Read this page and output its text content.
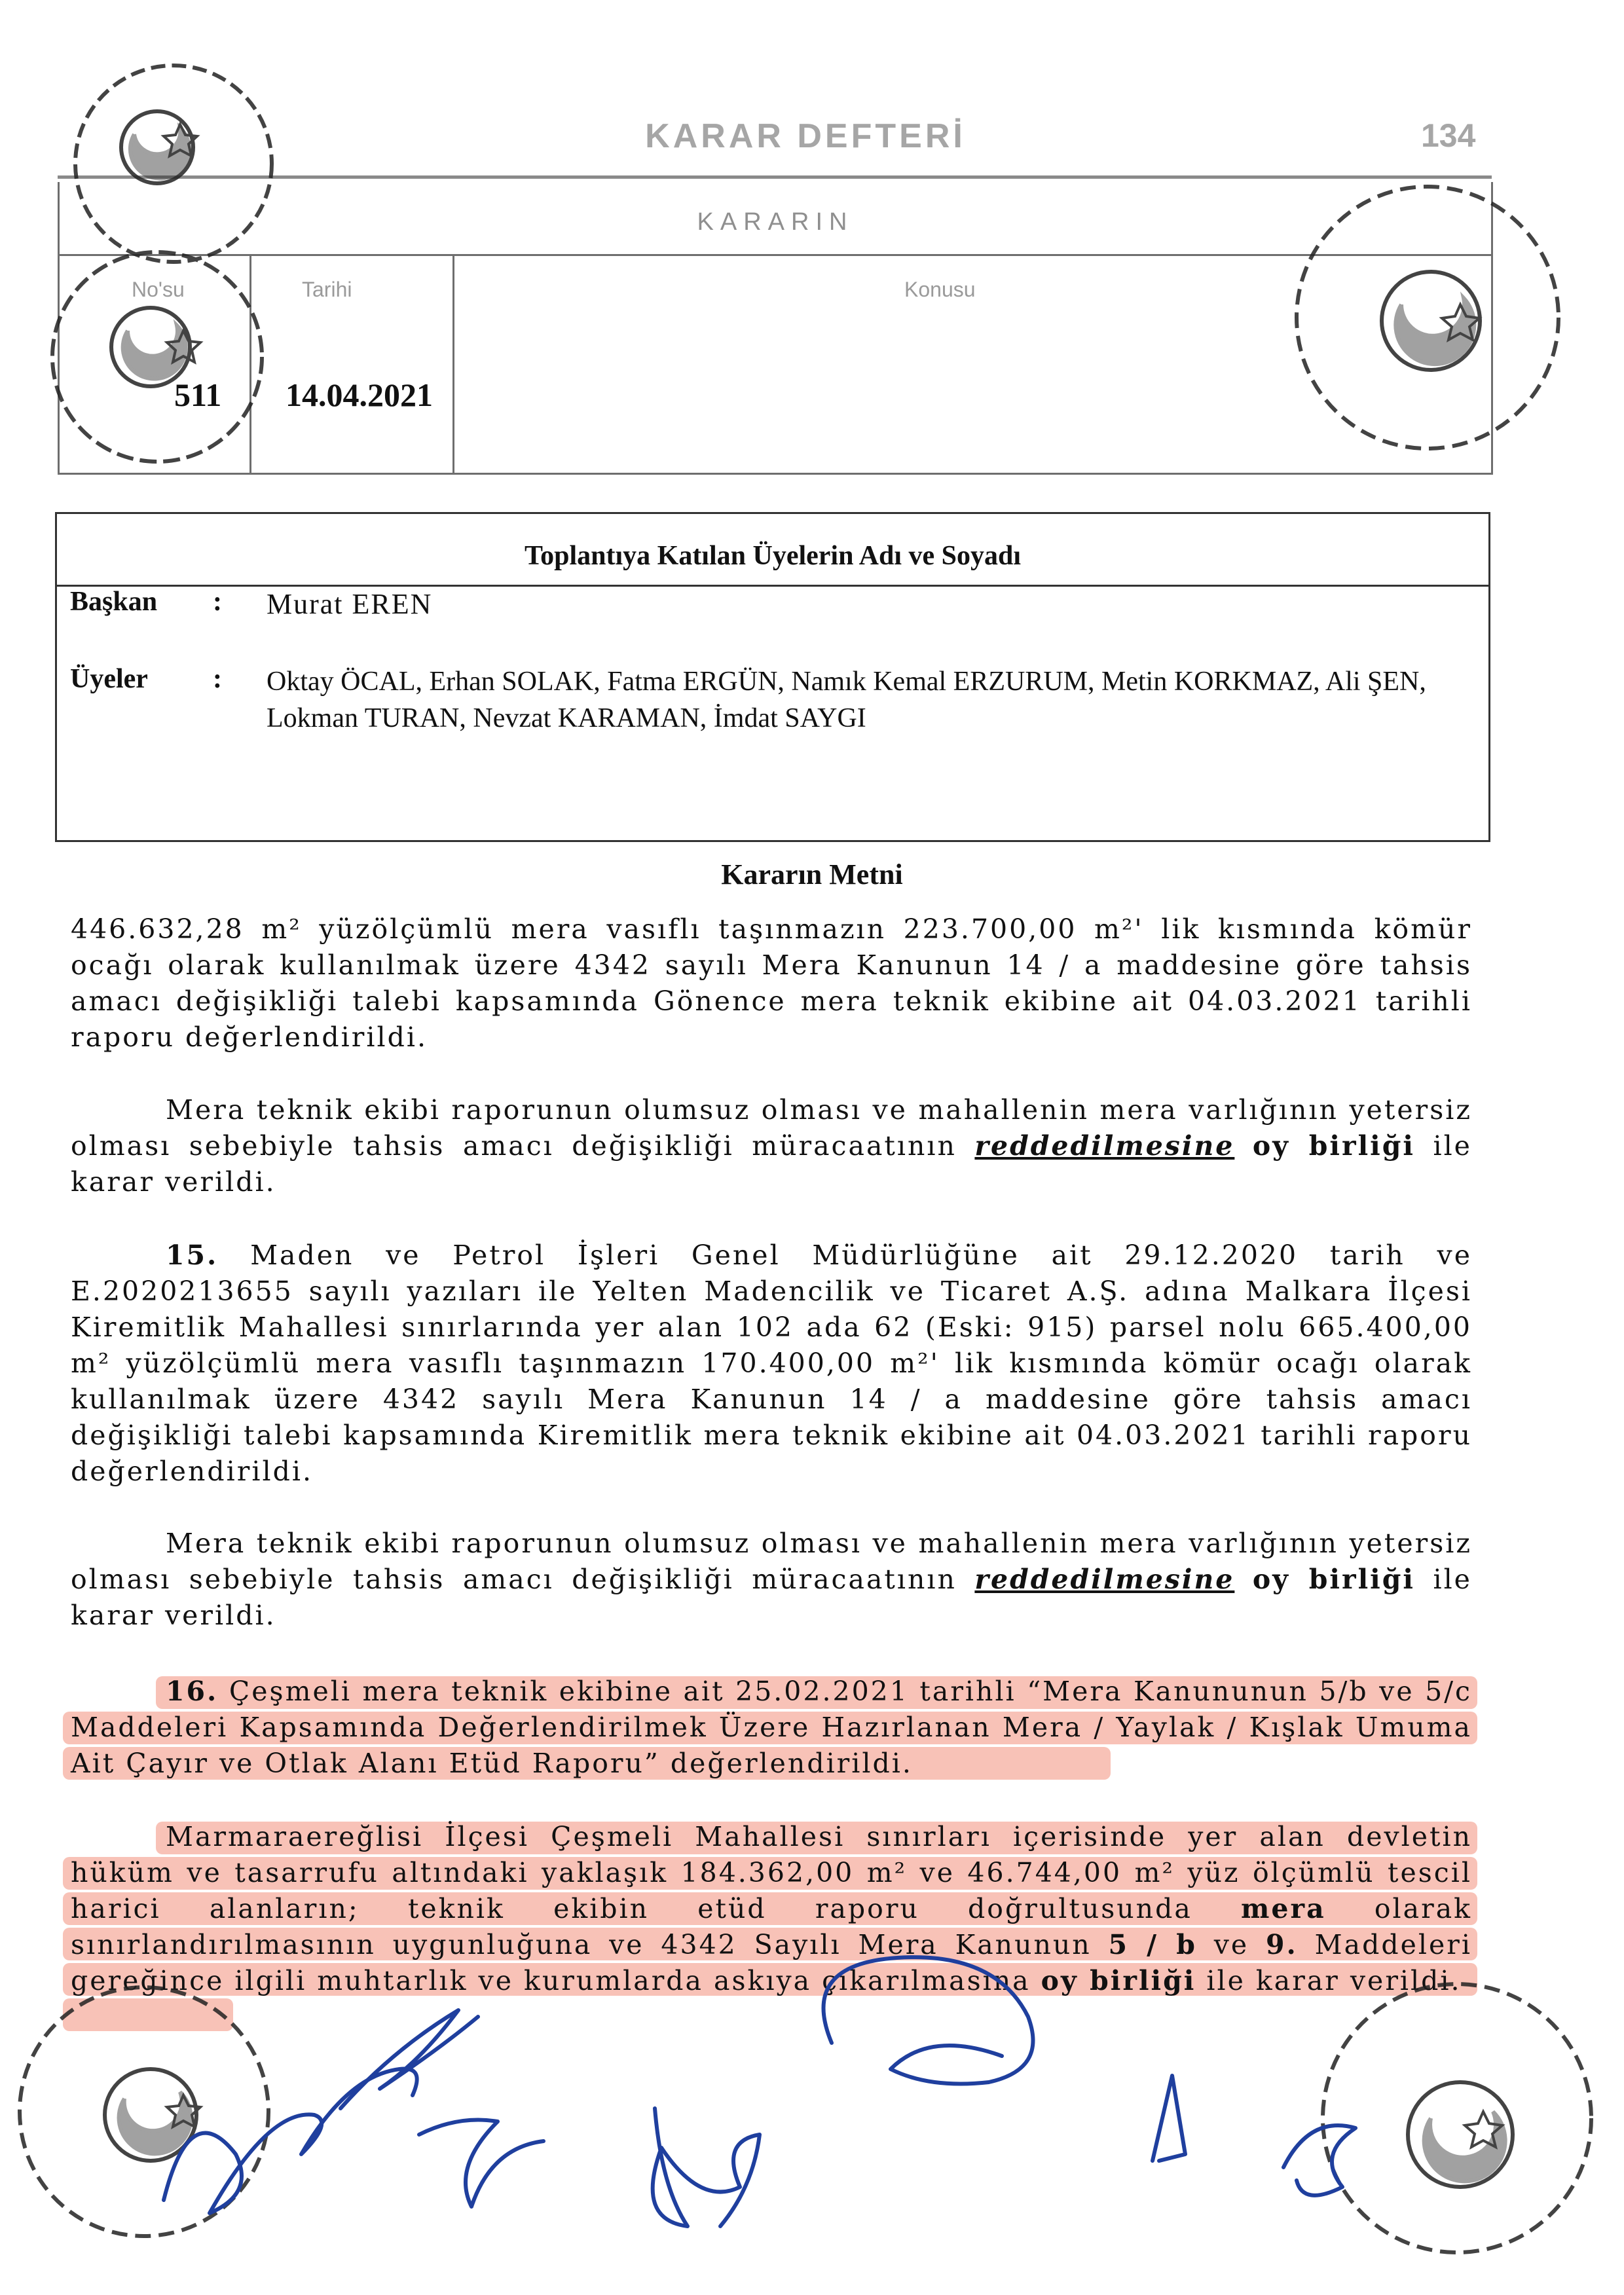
KARAR DEFTERİ	134
KARARIN
No'su	Tarihi	Konusu
511 14.04.2021
Toplantıya Katılan Üyelerin Adı ve Soyadı
Başkan : Murat EREN
Üyeler : Oktay ÖCAL, Erhan SOLAK, Fatma ERGÜN, Namık Kemal ERZURUM, Metin KORKMAZ, Ali ŞEN, Lokman TURAN, Nevzat KARAMAN, İmdat SAYGI
Kararın Metni
446.632,28 m² yüzölçümlü mera vasıflı taşınmazın 223.700,00 m²' lik kısmında kömür ocağı olarak kullanılmak üzere 4342 sayılı Mera Kanunun 14 / a maddesine göre tahsis amacı değişikliği talebi kapsamında Gönence mera teknik ekibine ait 04.03.2021 tarihli raporu değerlendirildi.
Mera teknik ekibi raporunun olumsuz olması ve mahallenin mera varlığının yetersiz olması sebebiyle tahsis amacı değişikliği müracaatının reddedilmesine oy birliği ile karar verildi.
15. Maden ve Petrol İşleri Genel Müdürlüğüne ait 29.12.2020 tarih ve E.2020213655 sayılı yazıları ile Yelten Madencilik ve Ticaret A.Ş. adına Malkara İlçesi Kiremitlik Mahallesi sınırlarında yer alan 102 ada 62 (Eski: 915) parsel nolu 665.400,00 m² yüzölçümlü mera vasıflı taşınmazın 170.400,00 m²' lik kısmında kömür ocağı olarak kullanılmak üzere 4342 sayılı Mera Kanunun 14 / a maddesine göre tahsis amacı değişikliği talebi kapsamında Kiremitlik mera teknik ekibine ait 04.03.2021 tarihli raporu değerlendirildi.
Mera teknik ekibi raporunun olumsuz olması ve mahallenin mera varlığının yetersiz olması sebebiyle tahsis amacı değişikliği müracaatının reddedilmesine oy birliği ile karar verildi.
16. Çeşmeli mera teknik ekibine ait 25.02.2021 tarihli “Mera Kanununun 5/b ve 5/c Maddeleri Kapsamında Değerlendirilmek Üzere Hazırlanan Mera / Yaylak / Kışlak Umuma Ait Çayır ve Otlak Alanı Etüd Raporu” değerlendirildi.
Marmaraereğlisi İlçesi Çeşmeli Mahallesi sınırları içerisinde yer alan devletin hüküm ve tasarrufu altındaki yaklaşık 184.362,00 m² ve 46.744,00 m² yüz ölçümlü tescil harici alanların; teknik ekibin etüd raporu doğrultusunda mera olarak sınırlandırılmasının uygunluğuna ve 4342 Sayılı Mera Kanunun 5 / b ve 9. Maddeleri gereğince ilgili muhtarlık ve kurumlarda askıya çıkarılmasına oy birliği ile karar verildi.
